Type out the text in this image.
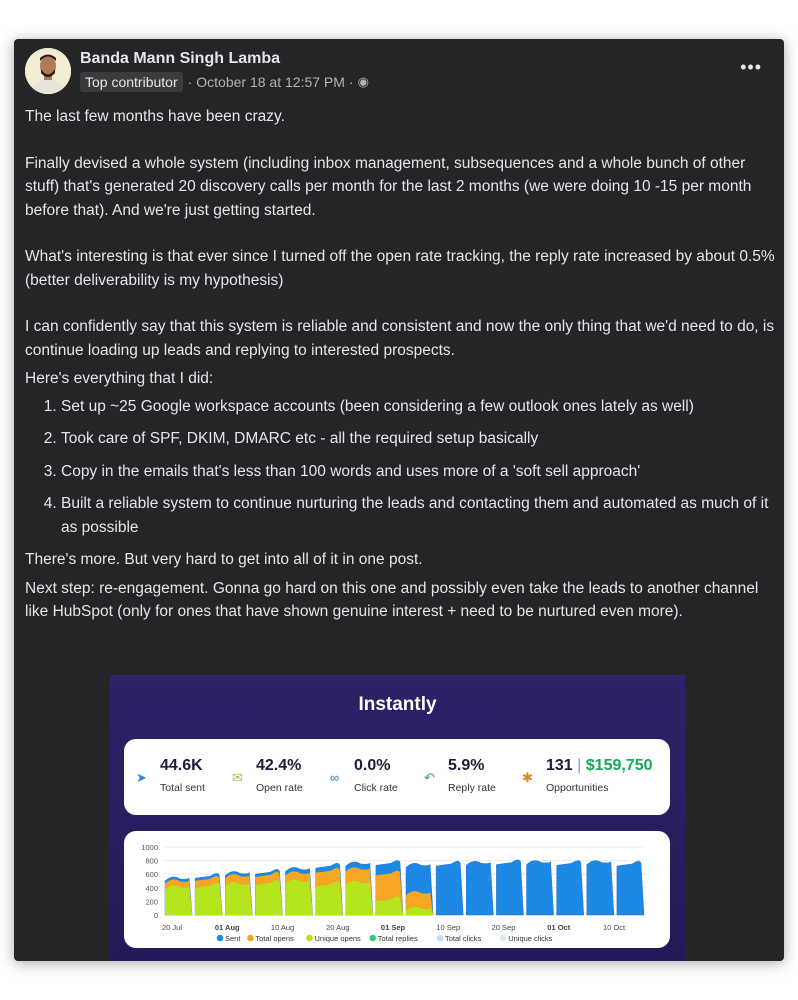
Banda Mann Singh Lamba
Top contributor · October 18 at 12:57 PM · ◉
•••

The last few months have been crazy.

Finally devised a whole system (including inbox management, subsequences and a whole bunch of other stuff) that's generated 20 discovery calls per month for the last 2 months (we were doing 10 -15 per month before that). And we're just getting started.

What's interesting is that ever since I turned off the open rate tracking, the reply rate increased by about 0.5% (better deliverability is my hypothesis)

I can confidently say that this system is reliable and consistent and now the only thing that we'd need to do, is continue loading up leads and replying to interested prospects.

Here's everything that I did:

1. Set up ~25 Google workspace accounts (been considering a few outlook ones lately as well)
2. Took care of SPF, DKIM, DMARC etc - all the required setup basically
3. Copy in the emails that's less than 100 words and uses more of a 'soft sell approach'
4. Built a reliable system to continue nurturing the leads and contacting them and automated as much of it as possible

There's more. But very hard to get into all of it in one post.

Next step: re-engagement. Gonna go hard on this one and possibly even take the leads to another channel like HubSpot (only for ones that have shown genuine interest + need to be nurtured even more).

Instantly
➤
44.6K
Total sent
✉
42.4%
Open rate
∞
0.0%
Click rate
↶
5.9%
Reply rate
✱
131 | $159,750
Opportunities
0
200
400
600
800
1000
20 Jul	01 Aug	10 Aug	20 Aug	01 Sep	10 Sep	20 Sep	01 Oct	10 Oct
Sent Total opens	Unique opens Total replies	Total clicks	Unique clicks
